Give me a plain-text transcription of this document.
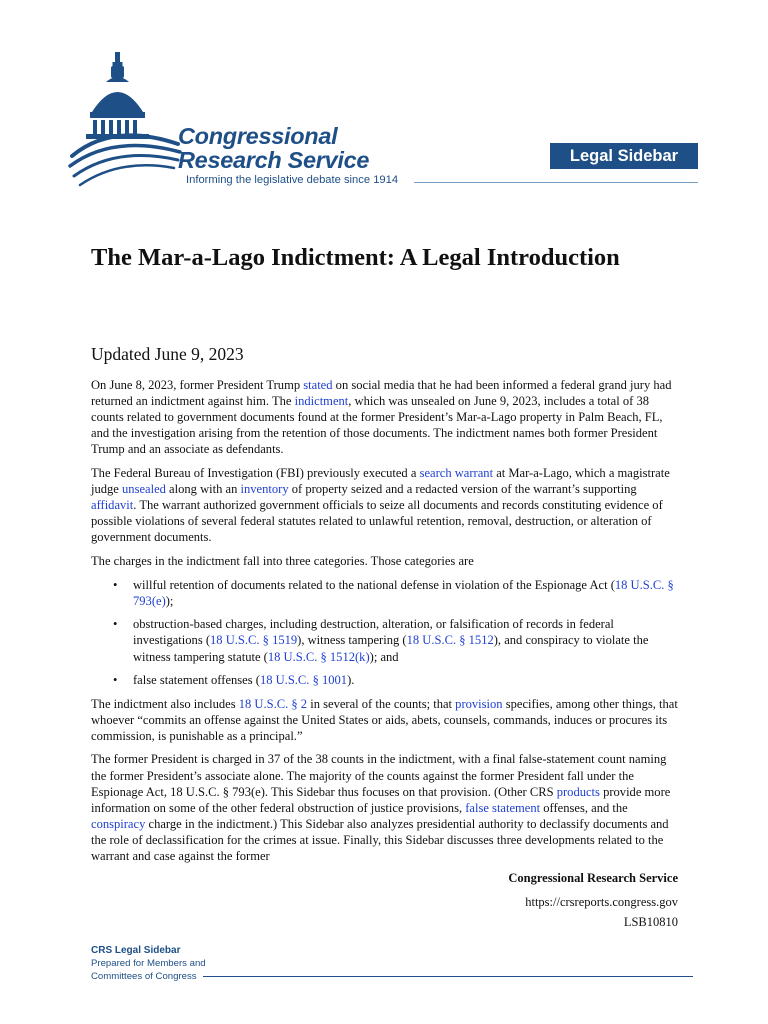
Congressional
Research Service
Informing the legislative debate since 1914
Legal Sidebar
The Mar-a-Lago Indictment: A Legal Introduction
Updated June 9, 2023

On June 8, 2023, former President Trump stated on social media that he had been informed a federal grand jury had returned an indictment against him. The indictment, which was unsealed on June 9, 2023, includes a total of 38 counts related to government documents found at the former President’s Mar-a-Lago property in Palm Beach, FL, and the investigation arising from the retention of those documents. The indictment names both former President Trump and an associate as defendants.

The Federal Bureau of Investigation (FBI) previously executed a search warrant at Mar-a-Lago, which a magistrate judge unsealed along with an inventory of property seized and a redacted version of the warrant’s supporting affidavit. The warrant authorized government officials to seize all documents and records constituting evidence of possible violations of several federal statutes related to unlawful retention, removal, destruction, or alteration of government documents.

The charges in the indictment fall into three categories. Those categories are

• willful retention of documents related to the national defense in violation of the Espionage Act (18 U.S.C. § 793(e));
• obstruction-based charges, including destruction, alteration, or falsification of records in federal investigations (18 U.S.C. § 1519), witness tampering (18 U.S.C. § 1512), and conspiracy to violate the witness tampering statute (18 U.S.C. § 1512(k)); and
• false statement offenses (18 U.S.C. § 1001).

The indictment also includes 18 U.S.C. § 2 in several of the counts; that provision specifies, among other things, that whoever “commits an offense against the United States or aids, abets, counsels, commands, induces or procures its commission, is punishable as a principal.”

The former President is charged in 37 of the 38 counts in the indictment, with a final false-statement count naming the former President’s associate alone. The majority of the counts against the former President fall under the Espionage Act, 18 U.S.C. § 793(e). This Sidebar thus focuses on that provision. (Other CRS products provide more information on some of the other federal obstruction of justice provisions, false statement offenses, and the conspiracy charge in the indictment.) This Sidebar also analyzes presidential authority to declassify documents and the role of declassification for the crimes at issue. Finally, this Sidebar discusses three developments related to the warrant and case against the former

Congressional Research Service
https://crsreports.congress.gov
LSB10810
CRS Legal Sidebar
Prepared for Members and
Committees of Congress
